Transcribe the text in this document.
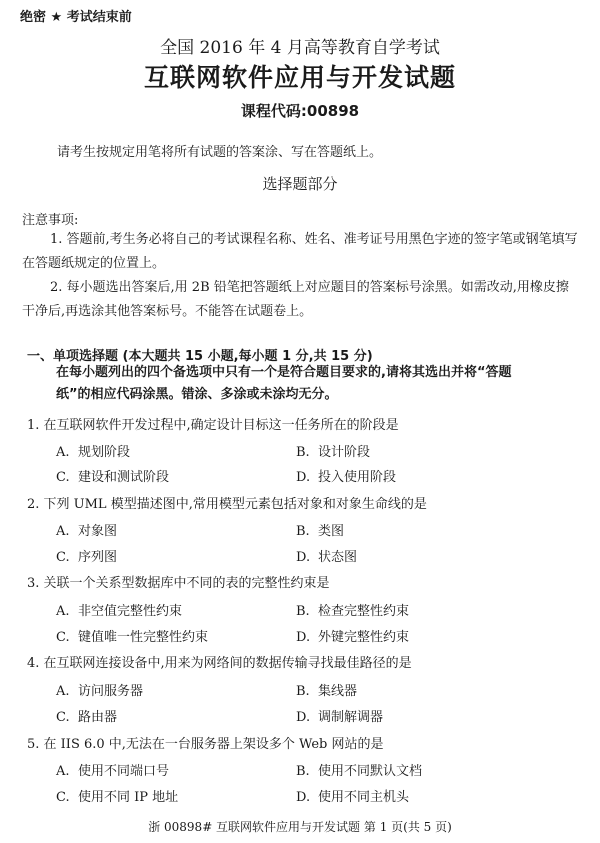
绝密 ★ 考试结束前
全国 2016 年 4 月高等教育自学考试
互联网软件应用与开发试题
课程代码:00898
请考生按规定用笔将所有试题的答案涂、写在答题纸上。
选择题部分
注意事项:
1. 答题前,考生务必将自己的考试课程名称、姓名、准考证号用黑色字迹的签字笔或钢笔填写在答题纸规定的位置上。
2. 每小题选出答案后,用 2B 铅笔把答题纸上对应题目的答案标号涂黑。如需改动,用橡皮擦干净后,再选涂其他答案标号。不能答在试题卷上。
一、单项选择题 (本大题共 15 小题,每小题 1 分,共 15 分)
在每小题列出的四个备选项中只有一个是符合题目要求的,请将其选出并将“答题纸”的相应代码涂黑。错涂、多涂或未涂均无分。
1. 在互联网软件开发过程中,确定设计目标这一任务所在的阶段是
A. 规划阶段	B. 设计阶段
C. 建设和测试阶段	D. 投入使用阶段
2. 下列 UML 模型描述图中,常用模型元素包括对象和对象生命线的是
A. 对象图	B. 类图
C. 序列图	D. 状态图
3. 关联一个关系型数据库中不同的表的完整性约束是
A. 非空值完整性约束	B. 检查完整性约束
C. 键值唯一性完整性约束	D. 外键完整性约束
4. 在互联网连接设备中,用来为网络间的数据传输寻找最佳路径的是
A. 访问服务器	B. 集线器
C. 路由器	D. 调制解调器
5. 在 IIS 6.0 中,无法在一台服务器上架设多个 Web 网站的是
A. 使用不同端口号	B. 使用不同默认文档
C. 使用不同 IP 地址	D. 使用不同主机头
浙 00898# 互联网软件应用与开发试题 第 1 页(共 5 页)
